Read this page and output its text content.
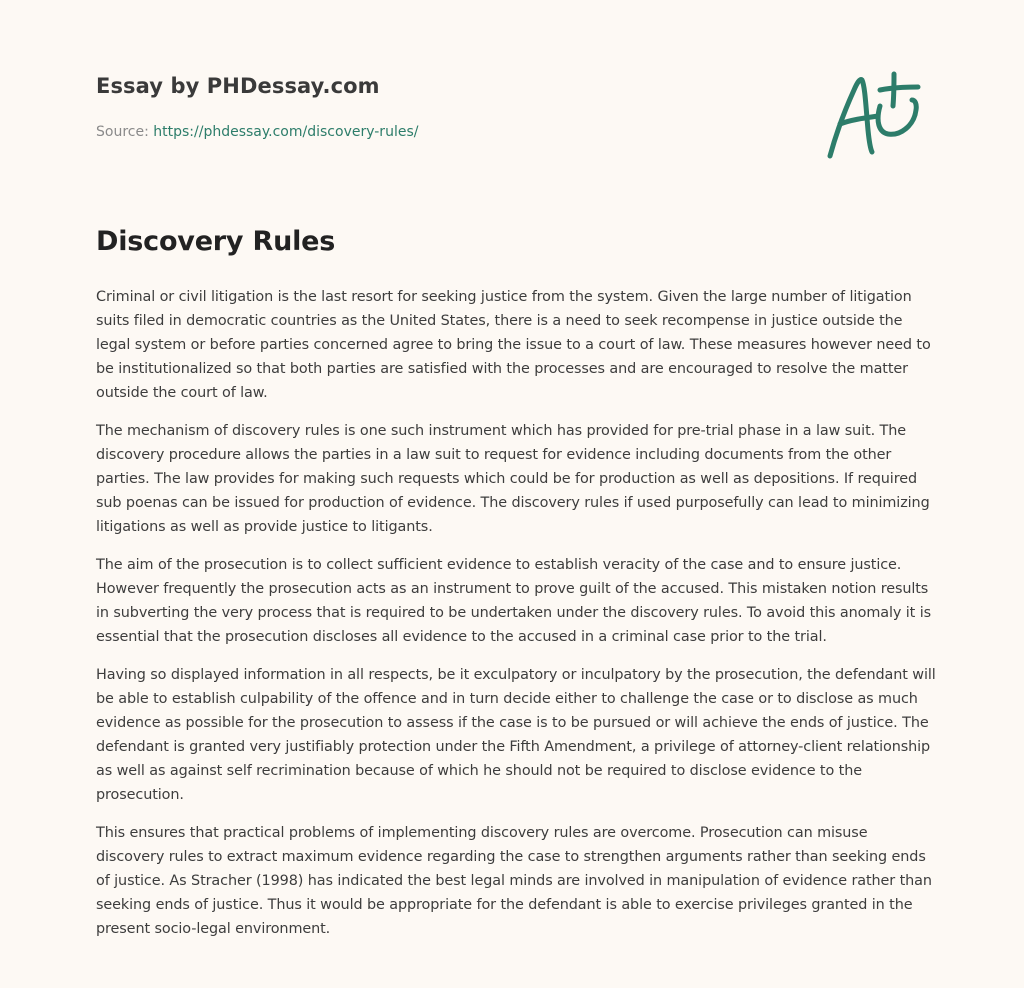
Essay by PHDessay.com
Source: https://phdessay.com/discovery-rules/
Discovery Rules

Criminal or civil litigation is the last resort for seeking justice from the system. Given the large number of litigation suits filed in democratic countries as the United States, there is a need to seek recompense in justice outside the legal system or before parties concerned agree to bring the issue to a court of law. These measures however need to be institutionalized so that both parties are satisfied with the processes and are encouraged to resolve the matter outside the court of law.

The mechanism of discovery rules is one such instrument which has provided for pre-trial phase in a law suit. The discovery procedure allows the parties in a law suit to request for evidence including documents from the other parties. The law provides for making such requests which could be for production as well as depositions. If required sub poenas can be issued for production of evidence. The discovery rules if used purposefully can lead to minimizing litigations as well as provide justice to litigants.

The aim of the prosecution is to collect sufficient evidence to establish veracity of the case and to ensure justice. However frequently the prosecution acts as an instrument to prove guilt of the accused. This mistaken notion results in subverting the very process that is required to be undertaken under the discovery rules. To avoid this anomaly it is essential that the prosecution discloses all evidence to the accused in a criminal case prior to the trial.

Having so displayed information in all respects, be it exculpatory or inculpatory by the prosecution, the defendant will be able to establish culpability of the offence and in turn decide either to challenge the case or to disclose as much evidence as possible for the prosecution to assess if the case is to be pursued or will achieve the ends of justice. The defendant is granted very justifiably protection under the Fifth Amendment, a privilege of attorney-client relationship as well as against self recrimination because of which he should not be required to disclose evidence to the prosecution.

This ensures that practical problems of implementing discovery rules are overcome. Prosecution can misuse discovery rules to extract maximum evidence regarding the case to strengthen arguments rather than seeking ends of justice. As Stracher (1998) has indicated the best legal minds are involved in manipulation of evidence rather than seeking ends of justice. Thus it would be appropriate for the defendant is able to exercise privileges granted in the present socio-legal environment.
